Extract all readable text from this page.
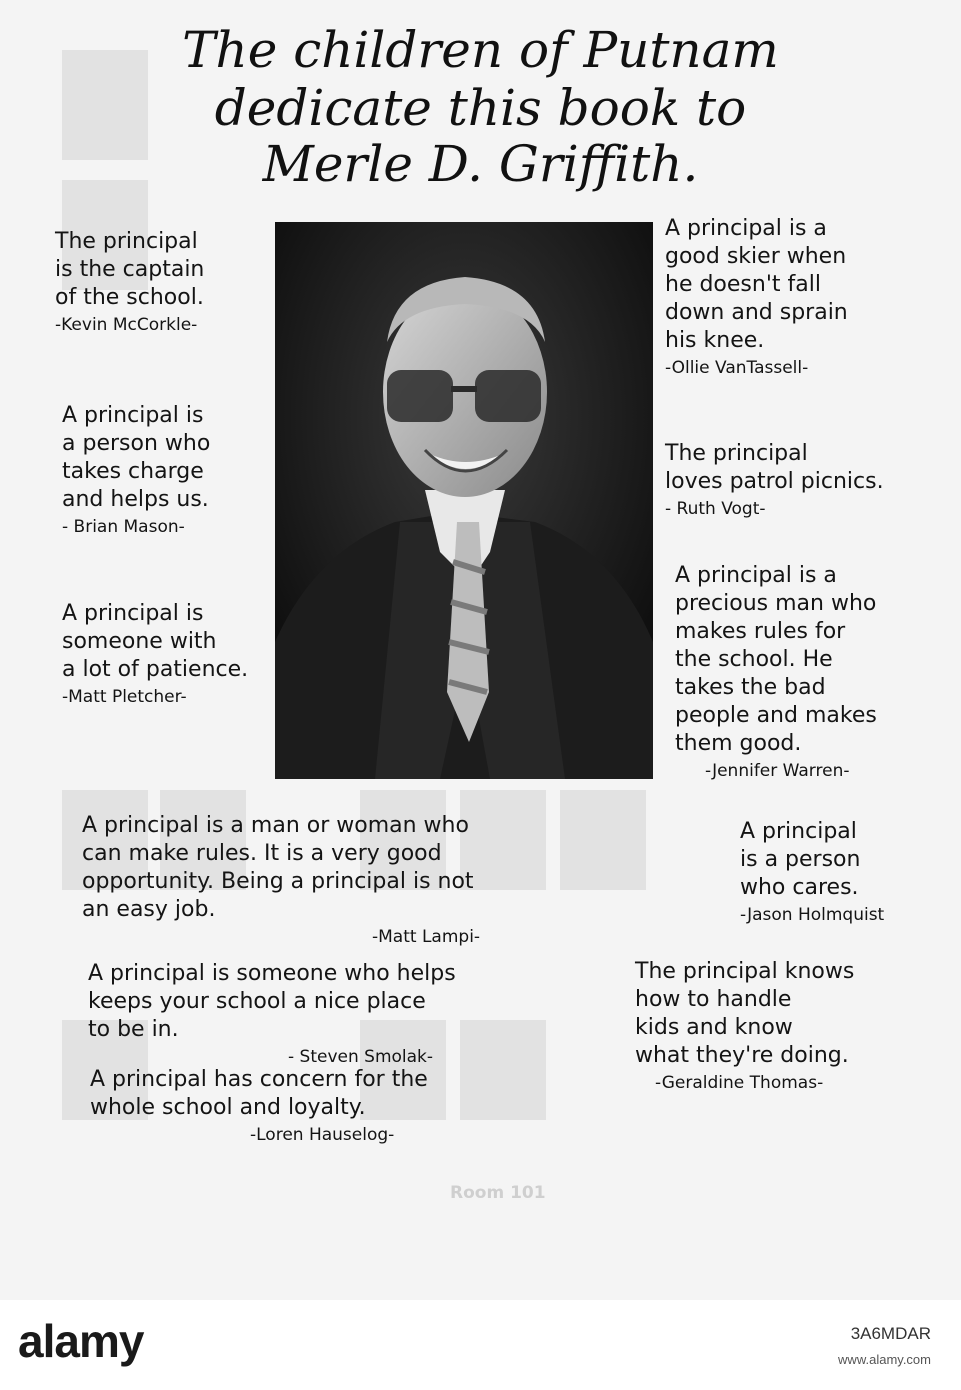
The children of Putnam
dedicate this book to
Merle D. Griffith.
The principal
is the captain
of the school.
-Kevin McCorkle-
A principal is
a person who
takes charge
and helps us.
- Brian Mason-
A principal is
someone with
a lot of patience.
-Matt Pletcher-
A principal is a
good skier when
he doesn't fall
down and sprain
his knee.
-Ollie VanTassell-
The principal
loves patrol picnics.
- Ruth Vogt-
A principal is a
precious man who
makes rules for
the school. He
takes the bad
people and makes
them good.
-Jennifer Warren-
A principal is a man or woman who
can make rules. It is a very good
opportunity. Being a principal is not
an easy job.
-Matt Lampi-
A principal
is a person
who cares.
-Jason Holmquist
A principal is someone who helps
keeps your school a nice place
to be in.
- Steven Smolak-
The principal knows
how to handle
kids and know
what they're doing.
-Geraldine Thomas-
A principal has concern for the
whole school and loyalty.
-Loren Hauselog-
Room 101
alamy	3A6MDAR
www.alamy.com
